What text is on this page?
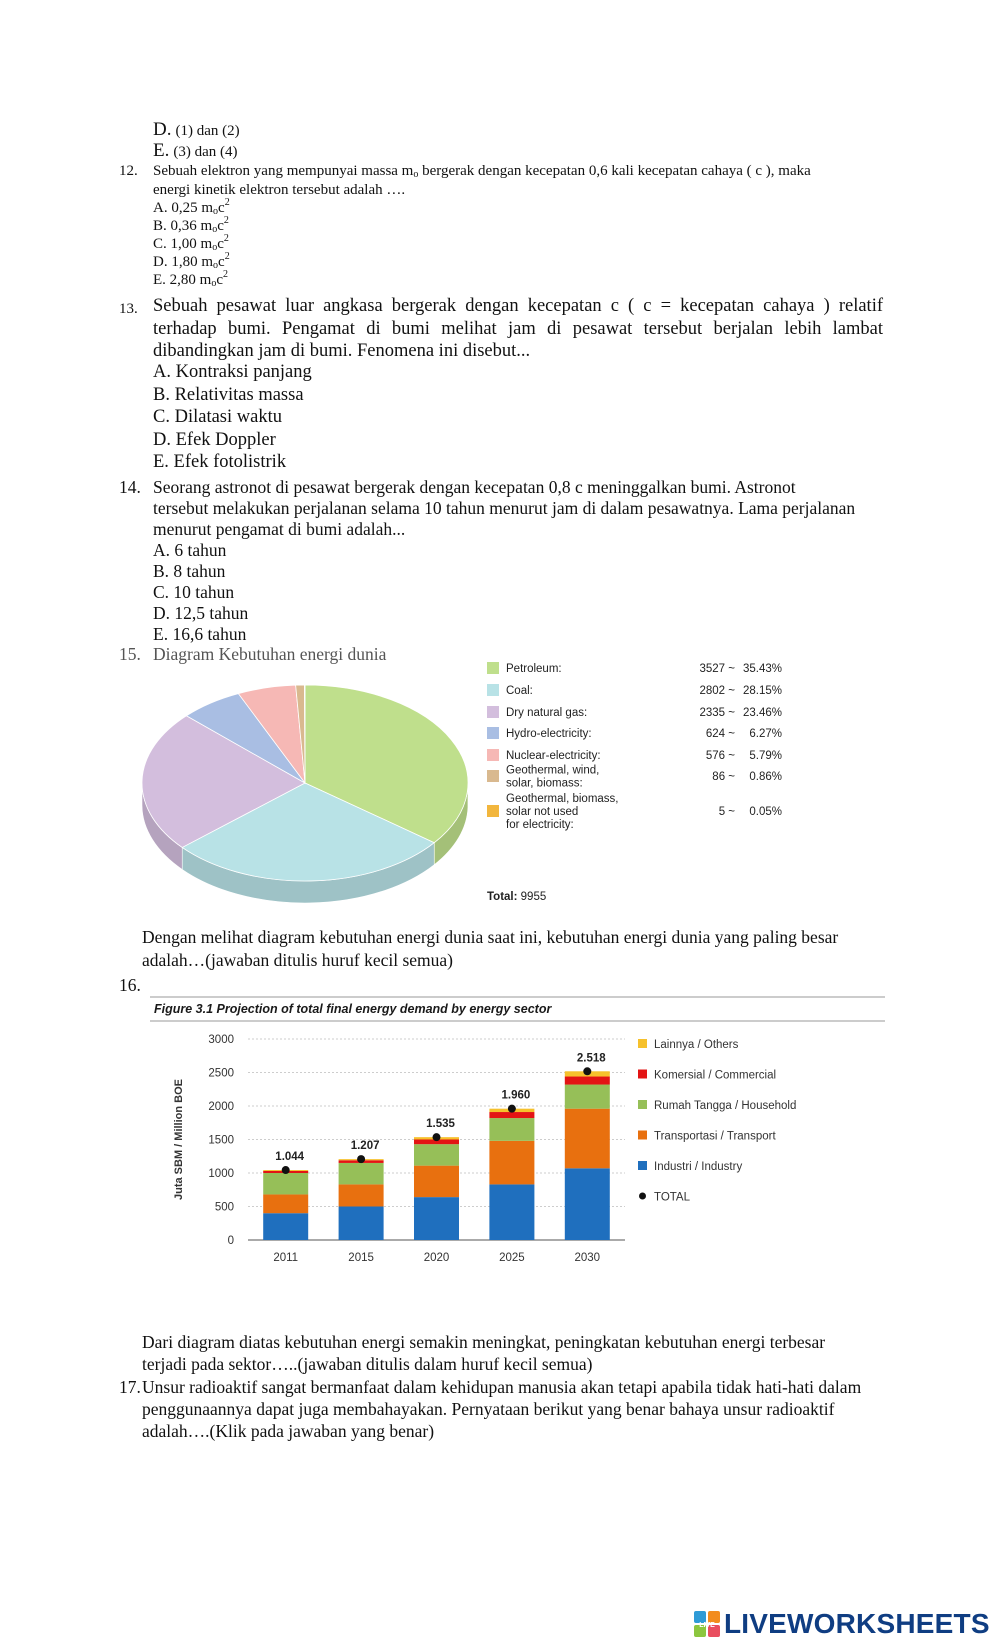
D. (1) dan (2)
E. (3) dan (4)
12. Sebuah elektron yang mempunyai massa $m_o$ bergerak dengan kecepatan 0,6 kali kecepatan cahaya ( c ), maka
energi kinetik elektron tersebut adalah ….
A. 0,25 $m_oc^2$
B. 0,36 $m_oc^2$
C. 1,00 $m_oc^2$
D. 1,80 $m_oc^2$
E. 2,80 $m_oc^2$
13. Sebuah pesawat luar angkasa bergerak dengan kecepatan c ( c = kecepatan cahaya ) relatif terhadap bumi. Pengamat di bumi melihat jam di pesawat tersebut berjalan lebih lambat dibandingkan jam di bumi. Fenomena ini disebut...
A. Kontraksi panjang
B. Relativitas massa
C. Dilatasi waktu
D. Efek Doppler
E. Efek fotolistrik
14. Seorang astronot di pesawat bergerak dengan kecepatan 0,8 c meninggalkan bumi. Astronot
tersebut melakukan perjalanan selama 10 tahun menurut jam di dalam pesawatnya. Lama perjalanan
menurut pengamat di bumi adalah...
A. 6 tahun
B. 8 tahun
C. 10 tahun
D. 12,5 tahun
E. 16,6 tahun
15. Diagram Kebutuhan energi dunia
Petroleum:	3527 ~ 35.43%
Coal:	2802 ~ 28.15%
Dry natural gas:	2335 ~ 23.46%
Hydro-electricity:	624 ~ 6.27%
Nuclear-electricity:	576 ~ 5.79%
Geothermal, wind,
solar, biomass:
86 ~ 0.86%
Geothermal, biomass,
solar not used
for electricity:
5 ~ 0.05%
Total: 9955
Dengan melihat diagram kebutuhan energi dunia saat ini, kebutuhan energi dunia yang paling besar
adalah…(jawaban ditulis huruf kecil semua)
16.
Figure 3.1 Projection of total final energy demand by energy sector
0
500
1000
1500
2000
2500
3000
Juta SBM / Million BOE	1.044
2011
1.207
2015
1.535
2020
1.960
2025
2.518
2030
Lainnya / Others
Komersial / Commercial
Rumah Tangga / Household
Transportasi / Transport
Industri / Industry
TOTAL
Dari diagram diatas kebutuhan energi semakin meningkat, peningkatan kebutuhan energi terbesar
terjadi pada sektor…..(jawaban ditulis dalam huruf kecil semua)
17. Unsur radioaktif sangat bermanfaat dalam kehidupan manusia akan tetapi apabila tidak hati-hati dalam
penggunaannya dapat juga membahayakan. Pernyataan berikut yang benar bahaya unsur radioaktif
adalah….(Klik pada jawaban yang benar)
LIVE LIVEWORKSHEETS
